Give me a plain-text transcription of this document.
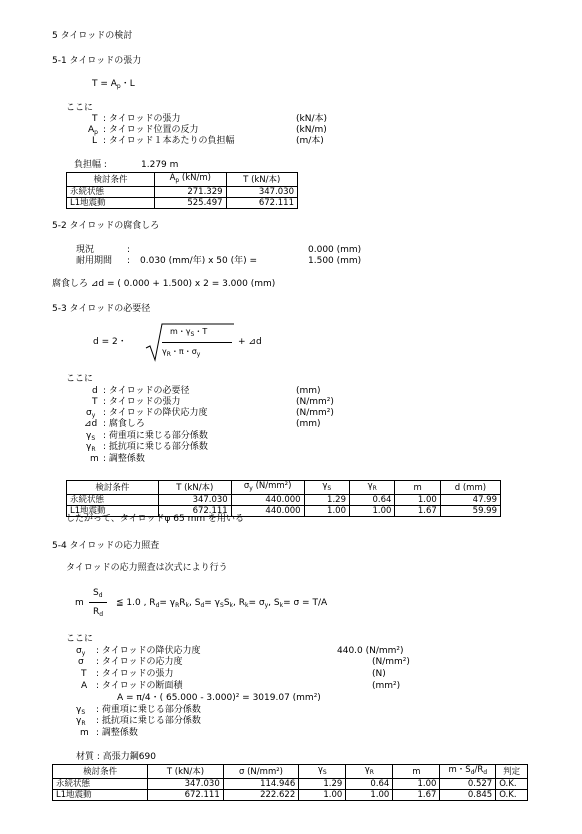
5 タイロッドの検討
5-1 タイロッドの張力
$T = A_p$・L
ここに
T : タイロッドの張力	(kN/本)
$A_p$ : タイロッド位置の反力	(kN/m)
L : タイロッド１本あたりの負担幅	(m/本)
負担幅 :	1.279 m
検討条件	$A_p$ (kN/m)	T (kN/本)
永続状態	271.329	347.030
L1地震動	525.497	672.111
5-2 タイロッドの腐食しろ
現況	:	0.000 (mm)
耐用期間 : 0.030 (mm/年) x 50 (年) =	1.500 (mm)
腐食しろ ⊿d = ( 0.000 + 1.500) x 2 = 3.000 (mm)
5-3 タイロッドの必要径
d = 2・
m・$\gamma_S$・T
$\gamma_R$・π・$\sigma_y$
+ ⊿d
ここに
d : タイロッドの必要径	(mm)
T : タイロッドの張力	(N/mm²)
$\sigma_y$ : タイロッドの降伏応力度	(N/mm²)
⊿d : 腐食しろ	(mm)
$\gamma_S$ : 荷重項に乗じる部分係数
$\gamma_R$ : 抵抗項に乗じる部分係数
m : 調整係数
検討条件	T (kN/本)	$\sigma_y$ (N/mm²)	$\gamma_S$	$\gamma_R$	m	d (mm)
永続状態	347.030	440.000	1.29	0.64	1.00	47.99
L1地震動	672.111	440.000	1.00	1.00	1.67	59.99
したがって、タイロッドφ 65 mm を用いる
5-4 タイロッドの応力照査
タイロッドの応力照査は次式により行う
m
$S_d$
$R_d$
≦ 1.0 , $R_d= \gamma_RR_k$, $S_d= \gamma_SS_k$, $R_k= \sigma_y$, $S_k= \sigma = T/A$
ここに
$\sigma_y$ : タイロッドの降伏応力度	440.0 (N/mm²)
σ : タイロッドの応力度	(N/mm²)
T : タイロッドの張力	(N)
A : タイロッドの断面積	(mm²)
A = π/4・( 65.000 - 3.000)² = 3019.07 (mm²)
$\gamma_S$ : 荷重項に乗じる部分係数
$\gamma_R$ : 抵抗項に乗じる部分係数
m : 調整係数
材質 : 高張力鋼690
検討条件	T (kN/本)	σ (N/mm²)	$\gamma_S$	$\gamma_R$	m	m・$S_d/R_d$	判定
永続状態	347.030	114.946	1.29	0.64	1.00	0.527	O.K.
L1地震動	672.111	222.622	1.00	1.00	1.67	0.845	O.K.
